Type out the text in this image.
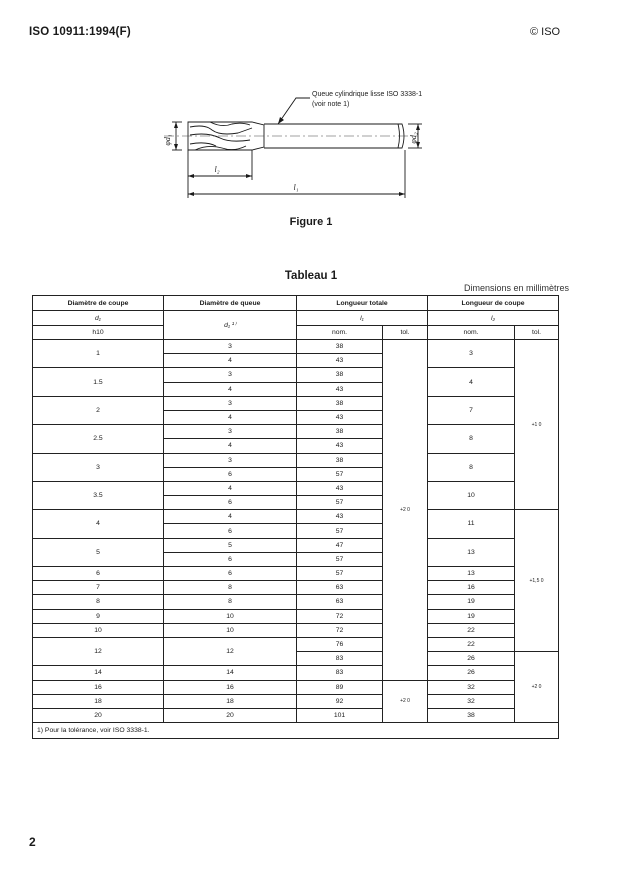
ISO 10911:1994(F)	© ISO
Queue cylindrique lisse ISO 3338-1
(voir note 1)
φd₁	φd₂
l₂
l₁
Figure 1
Tableau 1
Dimensions en millimètres
Diamètre de coupe	Diamètre de queue	Longueur totale		Longueur de coupe	
d₁	d₁ ¹⁾	l₁		l₂	
h10		nom.	tol.	nom.	tol.
1	3	38	+2 0	3	+1 0
	4	43			
1.5	3	38		4	
	4	43			
2	3	38		7	
	4	43			
2.5	3	38		8	
	4	43			
3	3	38		8	
	6	57			
3.5	4	43		10	
	6	57			
4	4	43		11	+1,5 0
	6	57			
5	5	47		13	
	6	57			
6	6	57		13	
7	8	63		16	
8	8	63		19	
9	10	72		19	
10	10	72		22	
12	12	76		22	
		83		26	+2 0
14	14	83		26	
16	16	89	+2 0	32	
18	18	92		32	
20	20	101		38	
1) Pour la tolérance, voir ISO 3338-1.					
2
